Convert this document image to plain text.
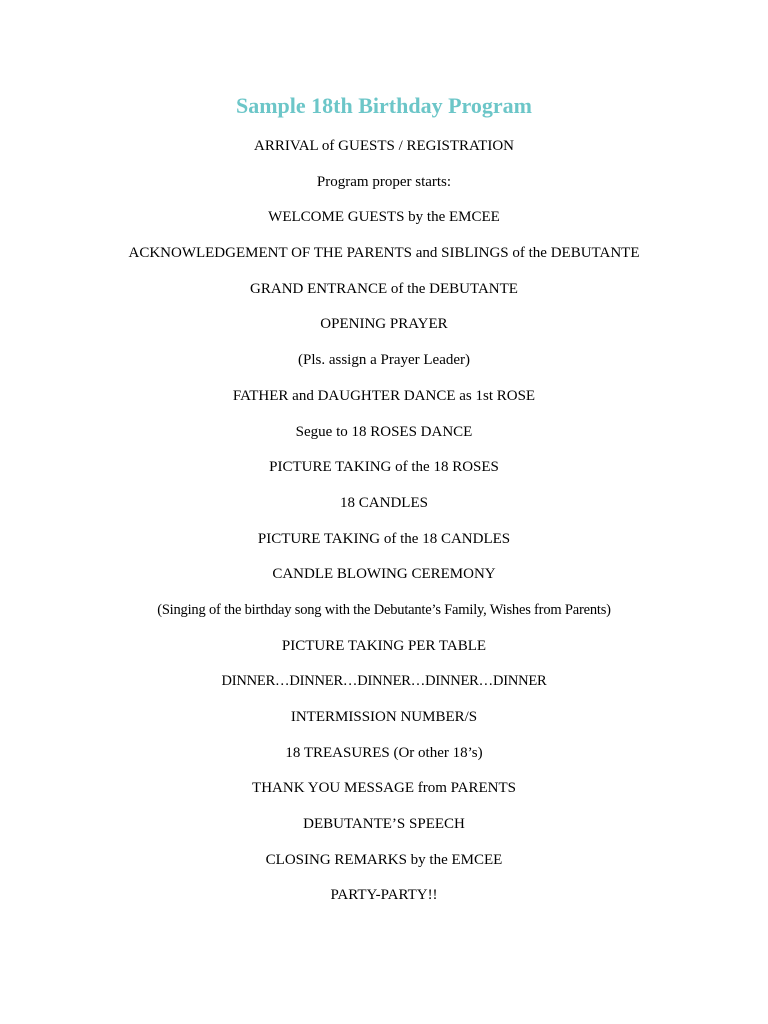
Sample 18th Birthday Program
ARRIVAL of GUESTS / REGISTRATION
Program proper starts:
WELCOME GUESTS by the EMCEE
ACKNOWLEDGEMENT OF THE PARENTS and SIBLINGS of the DEBUTANTE
GRAND ENTRANCE of the DEBUTANTE
OPENING PRAYER
(Pls. assign a Prayer Leader)
FATHER and DAUGHTER DANCE as 1st ROSE
Segue to 18 ROSES DANCE
PICTURE TAKING of the 18 ROSES
18 CANDLES
PICTURE TAKING of the 18 CANDLES
CANDLE BLOWING CEREMONY
(Singing of the birthday song with the Debutante’s Family, Wishes from Parents)
PICTURE TAKING PER TABLE
DINNER…DINNER…DINNER…DINNER…DINNER
INTERMISSION NUMBER/S
18 TREASURES (Or other 18’s)
THANK YOU MESSAGE from PARENTS
DEBUTANTE’S SPEECH
CLOSING REMARKS by the EMCEE
PARTY-PARTY!!
